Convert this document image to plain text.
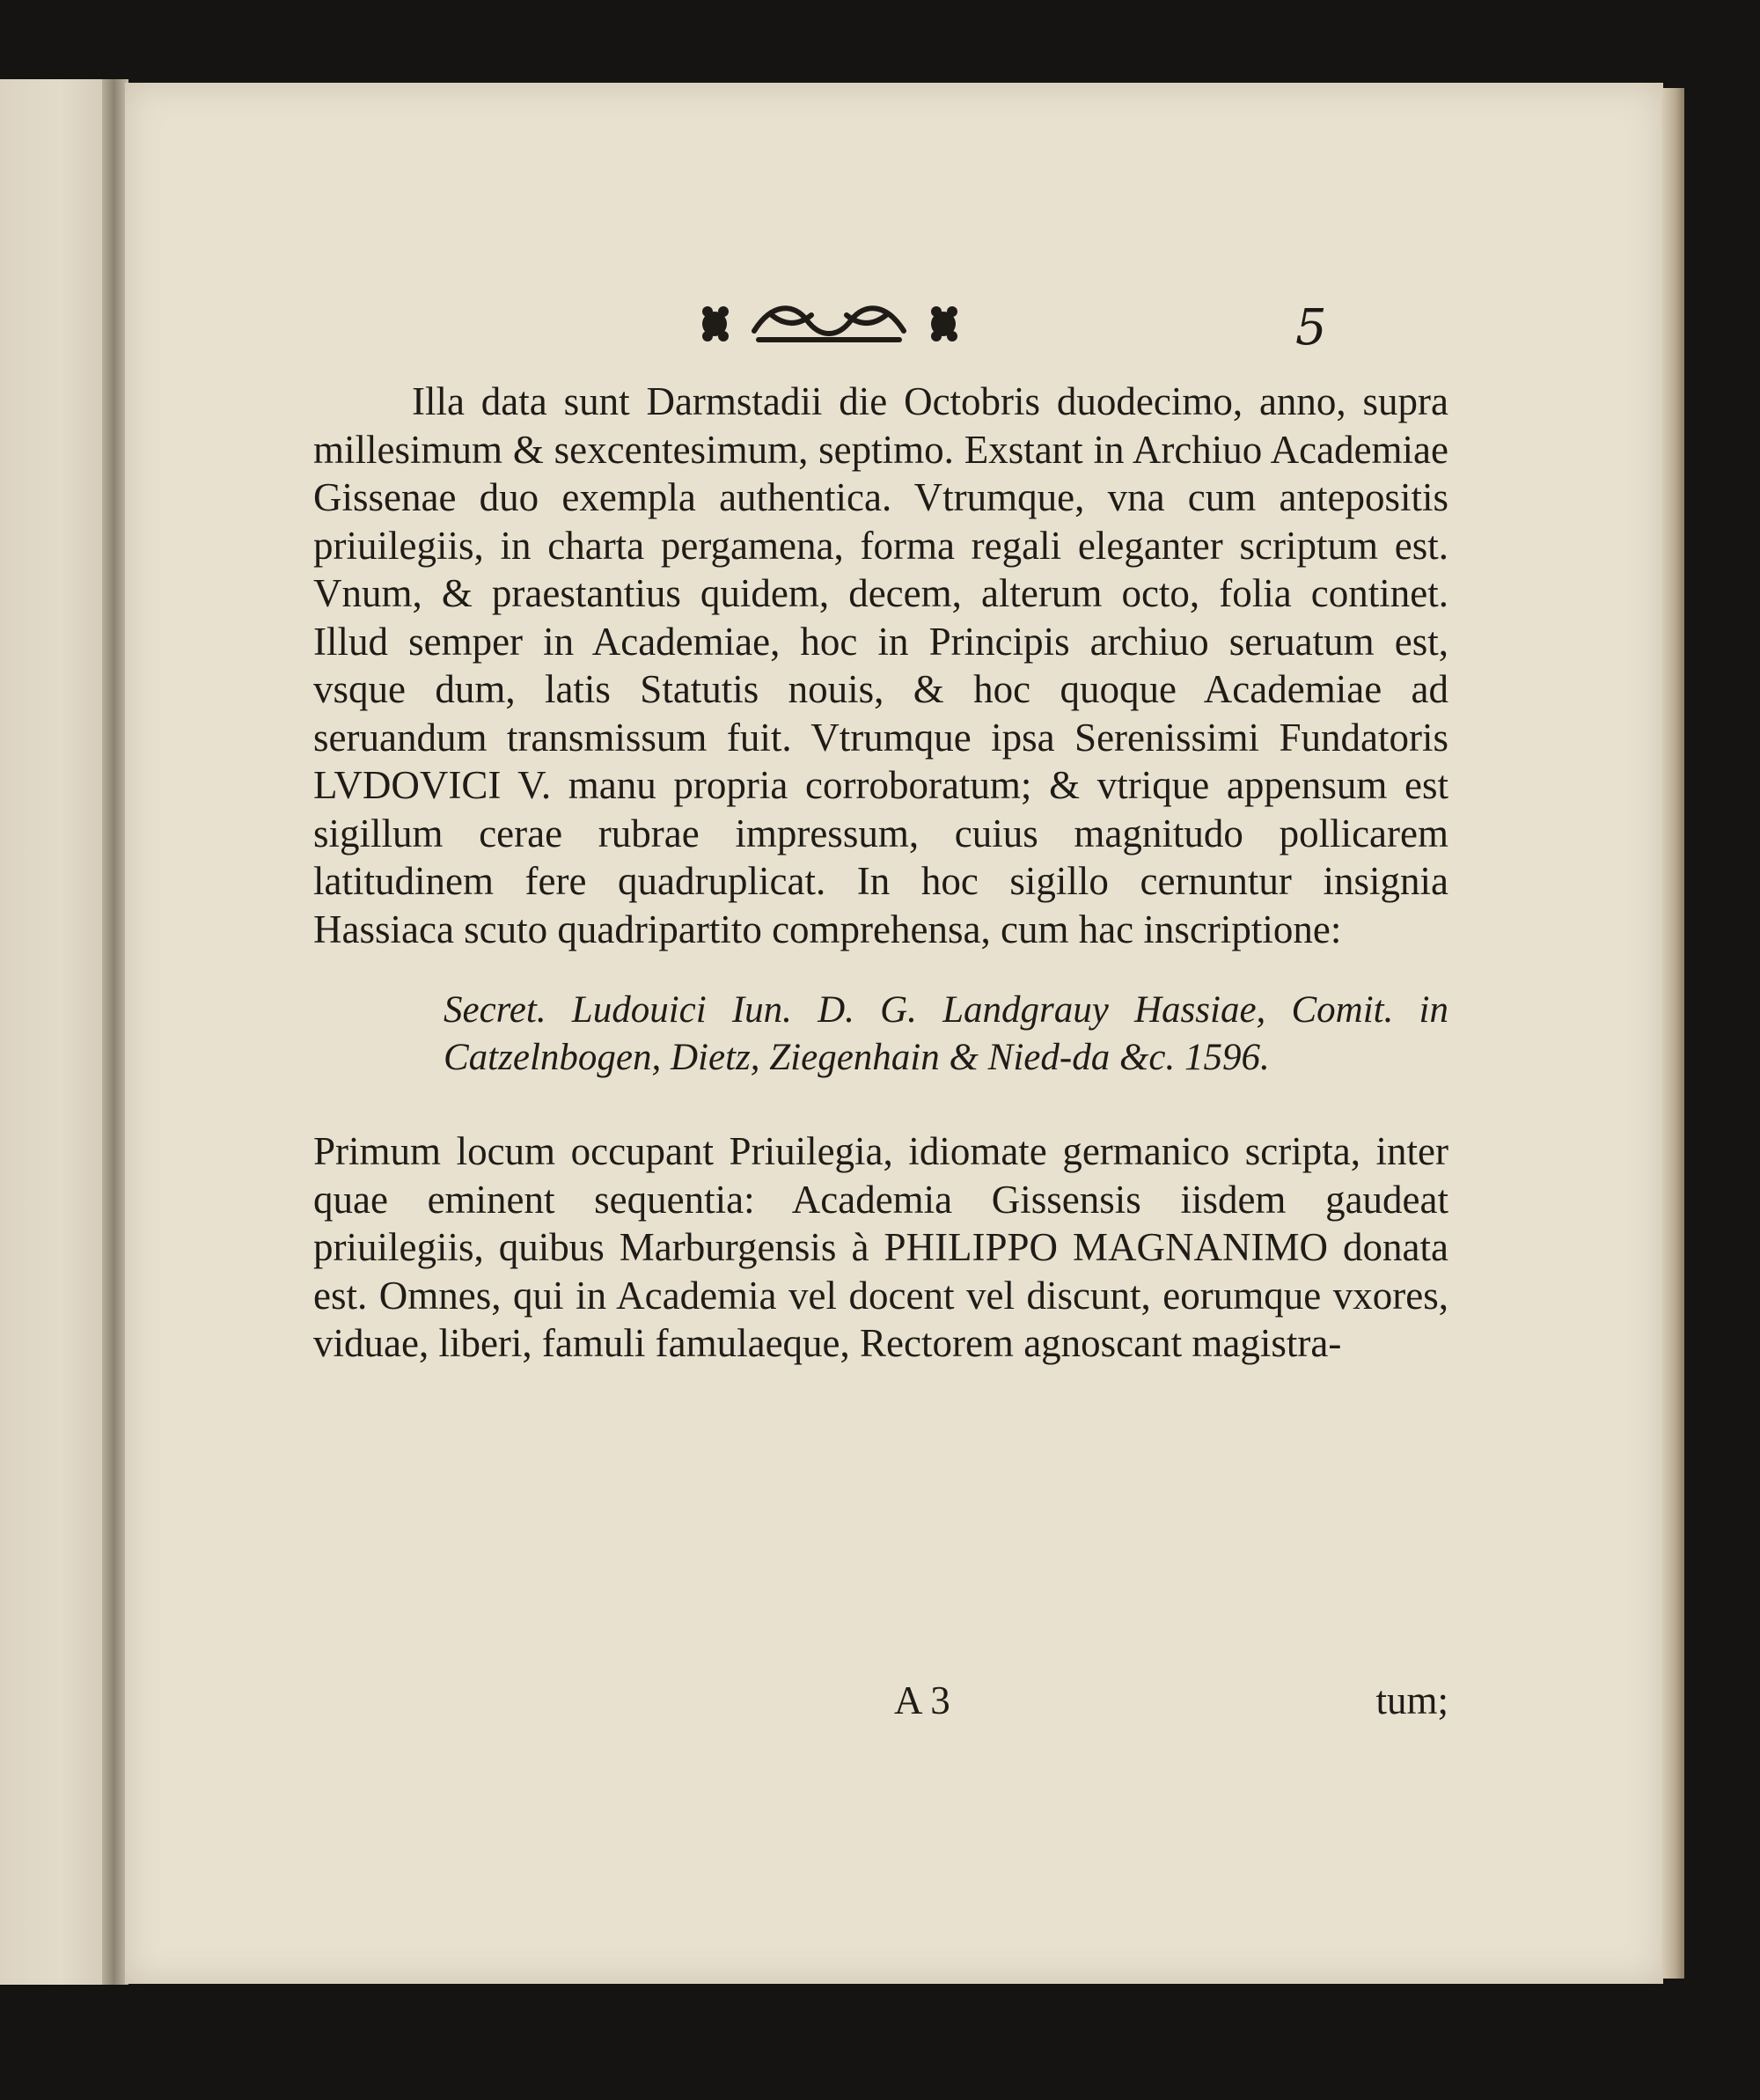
5

Illa data sunt Darmstadii die Octobris duodecimo, anno, supra millesimum & sexcentesimum, septimo. Exstant in Archiuo Academiae Gissenae duo exempla authentica. Vtrumque, vna cum antepositis priuilegiis, in charta pergamena, forma regali eleganter scriptum est. Vnum, & praestantius quidem, decem, alterum octo, folia continet. Illud semper in Academiae, hoc in Principis archiuo seruatum est, vsque dum, latis Statutis nouis, & hoc quoque Academiae ad seruandum transmissum fuit. Vtrumque ipsa Serenissimi Fundatoris LVDOVICI V. manu propria corroboratum; & vtrique appensum est sigillum cerae rubrae impressum, cuius magnitudo pollicarem latitudinem fere quadruplicat. In hoc sigillo cernuntur insignia Hassiaca scuto quadripartito comprehensa, cum hac inscriptione:

Secret. Ludouici Iun. D. G. Landgrauy Hassiae, Comit. in Catzelnbogen, Dietz, Ziegenhain & Nied-da &c. 1596.

Primum locum occupant Priuilegia, idiomate germanico scripta, inter quae eminent sequentia: Academia Gissensis iisdem gaudeat priuilegiis, quibus Marburgensis à PHILIPPO MAGNANIMO donata est. Omnes, qui in Academia vel docent vel discunt, eorumque vxores, viduae, liberi, famuli famulaeque, Rectorem agnoscant magistra-

A 3	tum;
